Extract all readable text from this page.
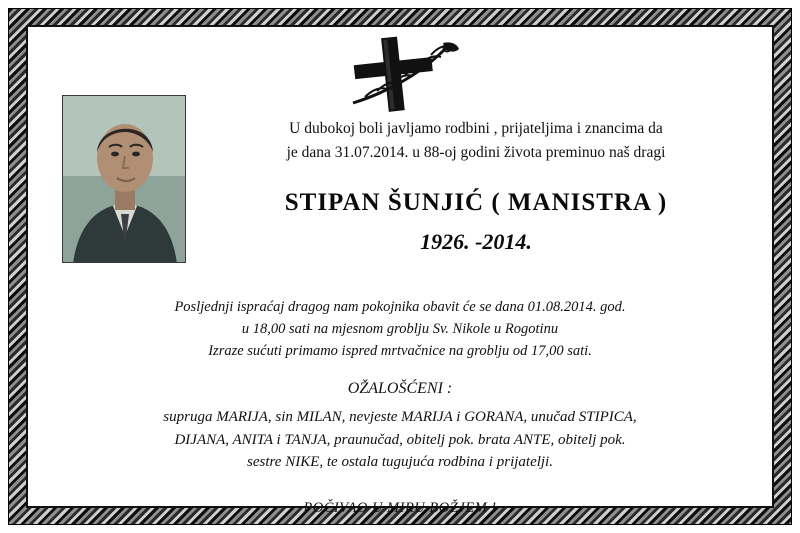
U dubokoj boli javljamo rodbini , prijateljima i znancima da
je dana 31.07.2014. u 88-oj godini života preminuo naš dragi
STIPAN ŠUNJIĆ ( MANISTRA )
1926. -2014.
Posljednji ispraćaj dragog nam pokojnika obavit će se dana 01.08.2014. god.
u 18,00 sati na mjesnom groblju Sv. Nikole u Rogotinu
Izraze sućuti primamo ispred mrtvačnice na groblju od 17,00 sati.
OŽALOŠĆENI :
supruga MARIJA, sin MILAN, nevjeste MARIJA i GORANA, unučad STIPICA,
DIJANA, ANITA i TANJA, praunučad, obitelj pok. brata ANTE, obitelj pok.
sestre NIKE, te ostala tugujuća rodbina i prijatelji.
POČIVAO U MIRU BOŽJEM !
